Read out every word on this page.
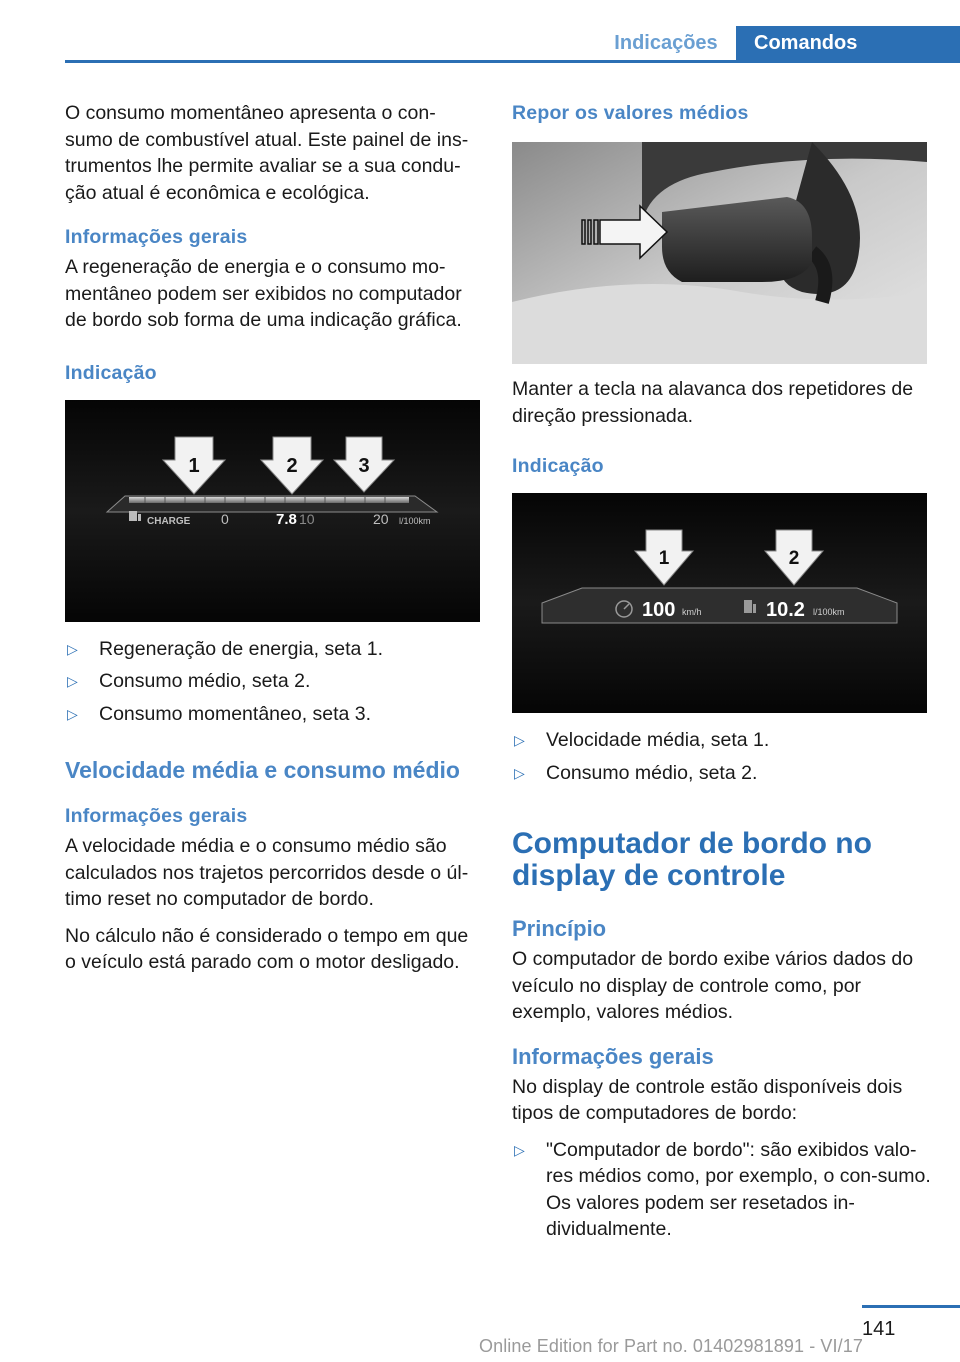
Indicações	Comandos

O consumo momentâneo apresenta o con-sumo de combustível atual. Este painel de ins-trumentos lhe permite avaliar se a sua condu-ção atual é econômica e ecológica.

Informações gerais

A regeneração de energia e o consumo mo-mentâneo podem ser exibidos no computador de bordo sob forma de uma indicação gráfica.

Indicação
1	2	3
CHARGE 0	7.8 10	20 l/100km
▷ Regeneração de energia, seta 1.
▷ Consumo médio, seta 2.
▷ Consumo momentâneo, seta 3.
Velocidade média e consumo médio
Informações gerais

A velocidade média e o consumo médio são calculados nos trajetos percorridos desde o úl-timo reset no computador de bordo.

No cálculo não é considerado o tempo em que o veículo está parado com o motor desligado.

Repor os valores médios

Manter a tecla na alavanca dos repetidores de direção pressionada.

Indicação
1	2
100 km/h	10.2 l/100km
▷ Velocidade média, seta 1.
▷ Consumo médio, seta 2.
Computador de bordo no display de controle
Princípio

O computador de bordo exibe vários dados do veículo no display de controle como, por exemplo, valores médios.

Informações gerais

No display de controle estão disponíveis dois tipos de computadores de bordo:

▷ "Computador de bordo": são exibidos valo-res médios como, por exemplo, o con-sumo. Os valores podem ser resetados in-dividualmente.
141
Online Edition for Part no. 01402981891 - VI/17
